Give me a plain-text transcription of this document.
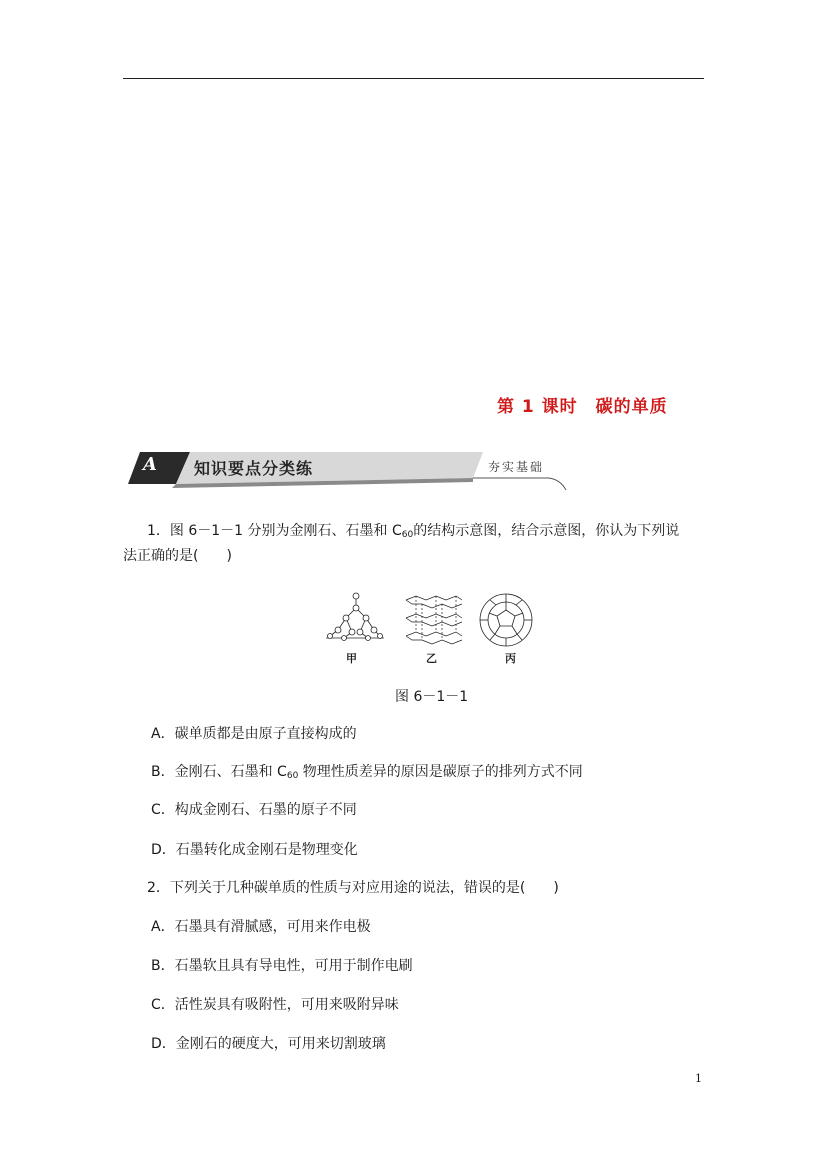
第 1 课时　碳的单质
A 知识要点分类练	夯实基础
1．图 6－1－1 分别为金刚石、石墨和 $C_{60}$的结构示意图，结合示意图，你认为下列说
法正确的是(　　)
甲	乙	丙
图 6－1－1
A．碳单质都是由原子直接构成的
B．金刚石、石墨和 $C_{60}$ 物理性质差异的原因是碳原子的排列方式不同
C．构成金刚石、石墨的原子不同
D．石墨转化成金刚石是物理变化
2．下列关于几种碳单质的性质与对应用途的说法，错误的是(　　)
A．石墨具有滑腻感，可用来作电极
B．石墨软且具有导电性，可用于制作电刷
C．活性炭具有吸附性，可用来吸附异味
D．金刚石的硬度大，可用来切割玻璃
1
